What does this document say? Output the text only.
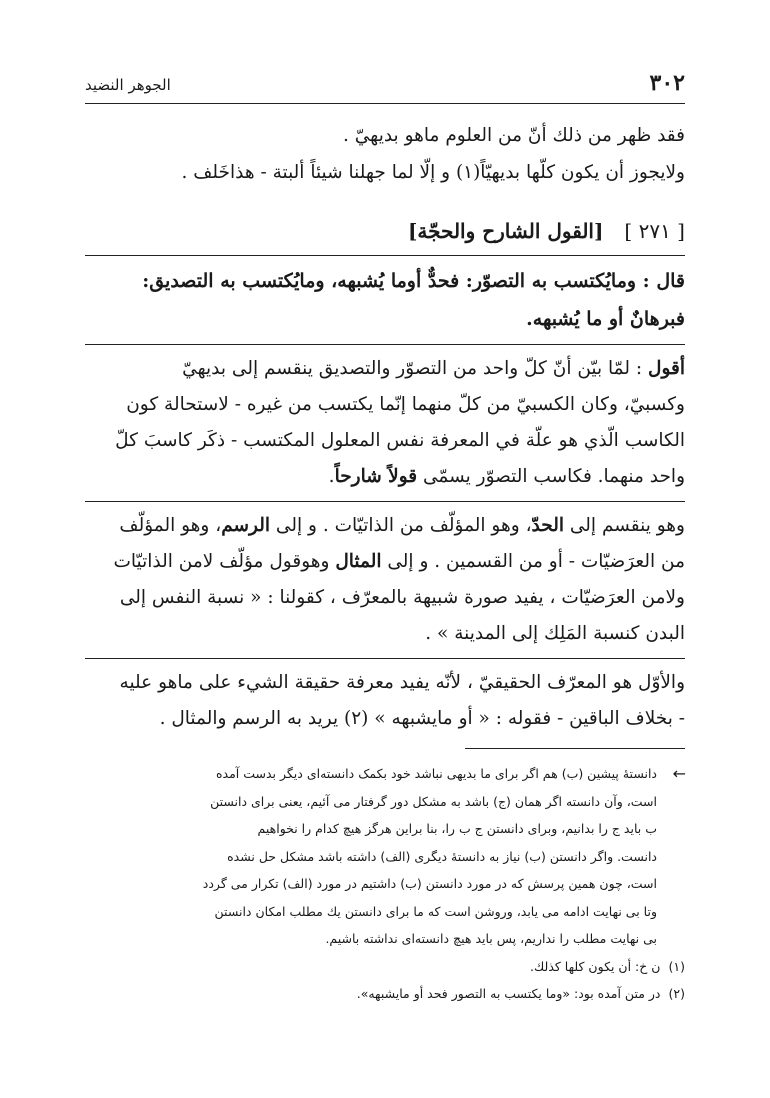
٣٠٢
الجوهر النضيد

فقد ظهر من ذلك أنّ من العلوم ماهو بديهيّ .

ولايجوز أن يكون كلّها بديهيّاً(١) و إلّا لما جهلنا شيئاً ألبتة - هذاخَلف .

[ ٢٧١ ] [القول الشارح والحجّة]

قال : ومايُكتسب به التصوّر: فحدٌّ أوما يُشبهه، ومايُكتسب به التصديق:

فبرهانٌ أو ما يُشبهه.

أقول : لمّا بيّن أنّ كلّ واحد من التصوّر والتصديق ينقسم إلى بديهيّ

وكسبيّ، وكان الكسبيّ من كلّ منهما إنّما يكتسب من غيره - لاستحالة كون

الكاسب الّذي هو علّة في المعرفة نفس المعلول المكتسب - ذكَر كاسبَ كلّ

واحد منهما. فكاسب التصوّر يسمّى قولاً شارحاً.

وهو ينقسم إلى الحدّ، وهو المؤلّف من الذاتيّات . و إلى الرسم، وهو المؤلّف

من العرَضيّات - أو من القسمين . و إلى المثال وهوقول مؤلّف لامن الذاتيّات

ولامن العرَضيّات ، يفيد صورة شبيهة بالمعرّف ، كقولنا : « نسبة النفس إلى

البدن كنسبة المَلِك إلى المدينة » .

والأوّل هو المعرّف الحقيقيّ ، لأنّه يفيد معرفة حقيقة الشيء على ماهو عليه

- بخلاف الباقين - فقوله : « أو مايشبهه » (٢) يريد به الرسم والمثال .

←
دانستهٔ پیشین (ب) هم اگر برای ما بدیهی نباشد خود بکمک دانسته‌ای دیگر بدست آمده
است، وآن دانسته اگر همان (ج) باشد به مشکل دور گرفتار می آئیم، یعنی برای دانستن
ب باید ج را بدانیم، وبرای دانستن ج ب را، بنا براین هرگز هیچ کدام را نخواهیم
دانست. واگر دانستن (ب) نیاز به دانستهٔ دیگری (الف) داشته باشد مشکل حل نشده
است، چون همین پرسش که در مورد دانستن (ب) داشتیم در مورد (الف) تکرار می گردد
وتا بی نهایت ادامه می یابد، وروشن است که ما برای دانستن یك مطلب امکان دانستن
بی نهایت مطلب را نداریم، پس باید هیچ دانسته‌ای نداشته باشیم.
(١)ن خ: أن يكون كلها كذلك.
(٢)در متن آمده بود: «وما يكتسب به التصور فحد أو مايشبهه».
